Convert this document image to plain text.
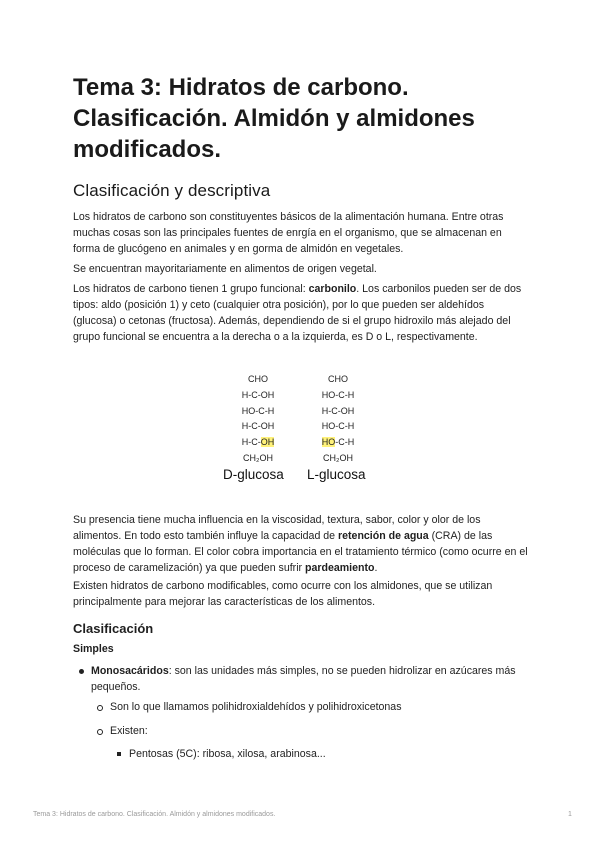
Tema 3: Hidratos de carbono. Clasificación. Almidón y almidones modificados.
Clasificación y descriptiva

Los hidratos de carbono son constituyentes básicos de la alimentación humana. Entre otras muchas cosas son las principales fuentes de enrgía en el organismo, que se almacenan en forma de glucógeno en animales y en gorma de almidón en vegetales.

Se encuentran mayoritariamente en alimentos de origen vegetal.

Los hidratos de carbono tienen 1 grupo funcional: carbonilo. Los carbonilos pueden ser de dos tipos: aldo (posición 1) y ceto (cualquier otra posición), por lo que pueden ser aldehídos (glucosa) o cetonas (fructosa). Además, dependiendo de si el grupo hidroxilo más alejado del grupo funcional se encuentra a la derecha o a la izquierda, es D o L, respectivamente.

CHO
H-C-OH
HO-C-H
H-C-OH
H-C-OH
CH₂OH
CHO
HO-C-H
H-C-OH
HO-C-H
HO-C-H
CH₂OH
D-glucosa L-glucosa

Su presencia tiene mucha influencia en la viscosidad, textura, sabor, color y olor de los alimentos. En todo esto también influye la capacidad de retención de agua (CRA) de las moléculas que lo forman. El color cobra importancia en el tratamiento térmico (como ocurre en el proceso de caramelización) ya que pueden sufrir pardeamiento.

Existen hidratos de carbono modificables, como ocurre con los almidones, que se utilizan principalmente para mejorar las características de los alimentos.

Clasificación
Simples
Monosacáridos: son las unidades más simples, no se pueden hidrolizar en azúcares más pequeños.
Son lo que llamamos polihidroxialdehídos y polihidroxicetonas
Existen:
Pentosas (5C): ribosa, xilosa, arabinosa...
Tema 3: Hidratos de carbono. Clasificación. Almidón y almidones modificados.	1
